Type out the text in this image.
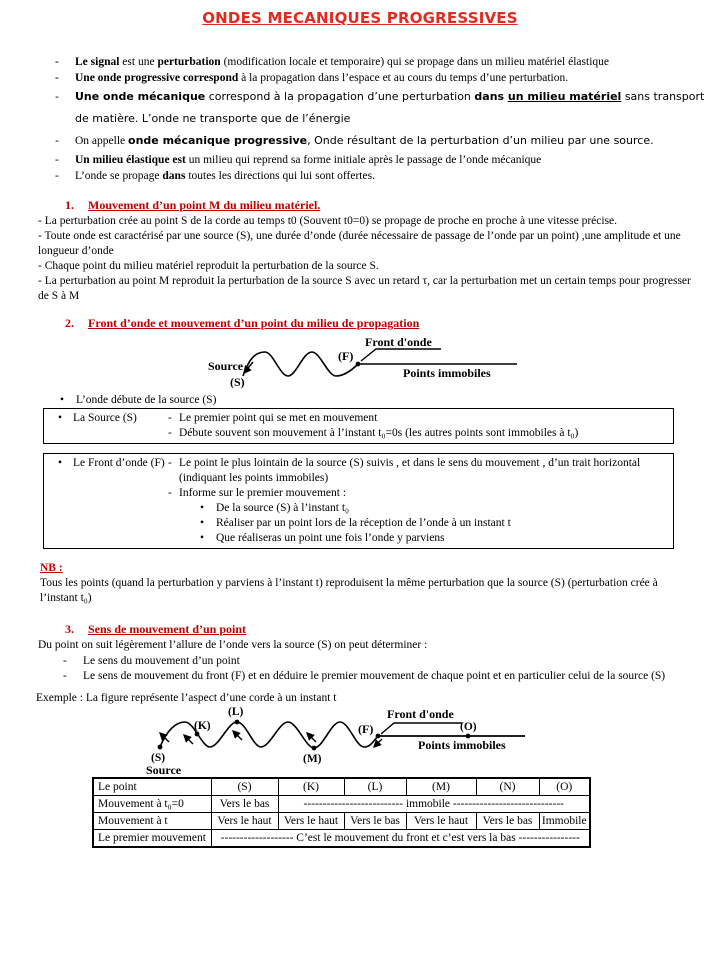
ONDES MECANIQUES PROGRESSIVES
-	Le signal est une perturbation (modification locale et temporaire) qui se propage dans un milieu matériel élastique
-	Une onde progressive correspond à la propagation dans l’espace et au cours du temps d’une perturbation.
-	Une onde mécanique correspond à la propagation d’une perturbation dans un milieu matériel sans transport de matière. L’onde ne transporte que de l’énergie
-	On appelle onde mécanique progressive, Onde résultant de la perturbation d’un milieu par une source.
-	Un milieu élastique est un milieu qui reprend sa forme initiale après le passage de l’onde mécanique
-	L’onde se propage dans toutes les directions qui lui sont offertes.
1. Mouvement d’un point M du milieu matériel.
- La perturbation crée au point S de la corde au temps t0 (Souvent t0=0) se propage de proche en proche à une vitesse précise.
- Toute onde est caractérisé par une source (S), une durée d’onde (durée nécessaire de passage de l’onde par un point) ,une amplitude et une longueur d’onde
- Chaque point du milieu matériel reproduit la perturbation de la source S.
- La perturbation au point M reproduit la perturbation de la source S avec un retard τ, car la perturbation met un certain temps pour progresser de S à M
2. Front d’onde et mouvement d’un point du milieu de propagation
Source
(S)
(F)
Front d'onde
Points immobiles
•	L’onde débute de la source (S)
• La Source (S)	- Le premier point qui se met en mouvement
- Débute souvent son mouvement à l’instant t₀=0s (les autres points sont immobiles à t₀)
• Le Front d’onde (F) - Le point le plus lointain de la source (S) suivis , et dans le sens du mouvement , d’un trait horizontal (indiquant les points immobiles)
- Informe sur le premier mouvement :
•	De la source (S) à l’instant t₀
•	Réaliser par un point lors de la réception de l’onde à un instant t
•	Que réaliseras un point une fois l’onde y parviens
NB :
Tous les points (quand la perturbation y parviens à l’instant t) reproduisent la même perturbation que la source (S) (perturbation crée à l’instant t₀)
3. Sens de mouvement d’un point
Du point on suit légèrement l’allure de l’onde vers la source (S) on peut déterminer :
-	Le sens du mouvement d’un point
-	Le sens de mouvement du front (F) et en déduire le premier mouvement de chaque point et en particulier celui de la source (S)
Exemple : La figure représente l’aspect d’une corde à un instant t
(L)
(K)	(F)	(O)
(S)	(M)
Front d'onde
Points immobiles
Source
Le point	(S)	(K)	(L)	(M)	(N)	(O)
Mouvement à t₀=0	Vers le bas	-------------------------- immobile -----------------------------				
Mouvement à t	Vers le haut	Vers le haut	Vers le bas	Vers le haut	Vers le bas	Immobile
Le premier mouvement	------------------- C’est le mouvement du front et c’est vers la bas ----------------					
